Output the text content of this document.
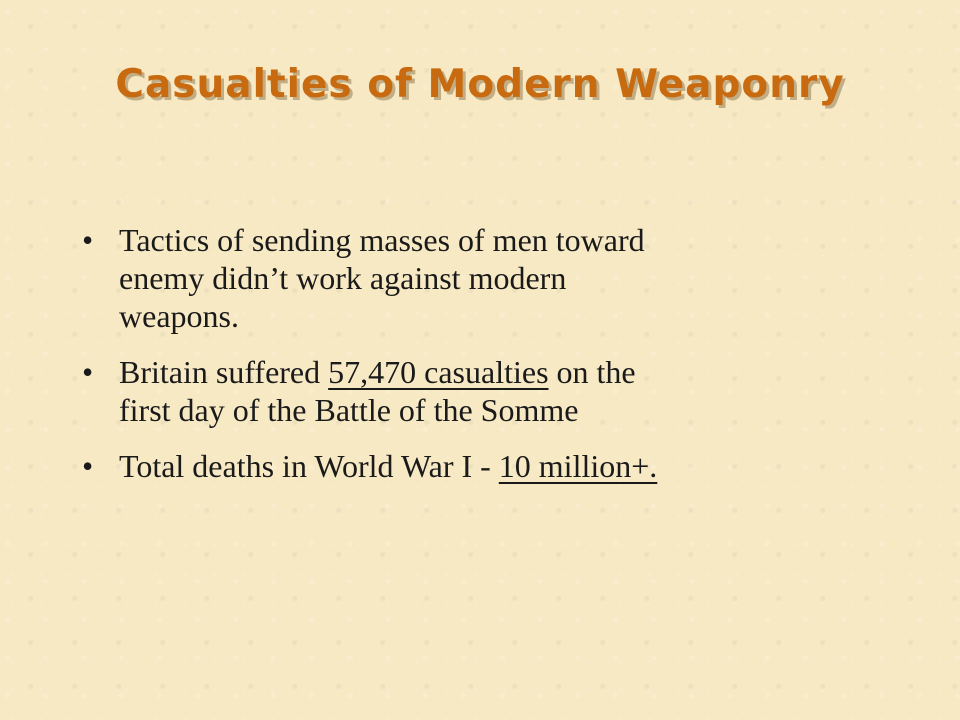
Casualties of Modern Weaponry
• Tactics of sending masses of men toward
enemy didn’t work against modern
weapons.
• Britain suffered 57,470 casualties on the
first day of the Battle of the Somme
• Total deaths in World War I - 10 million+.
